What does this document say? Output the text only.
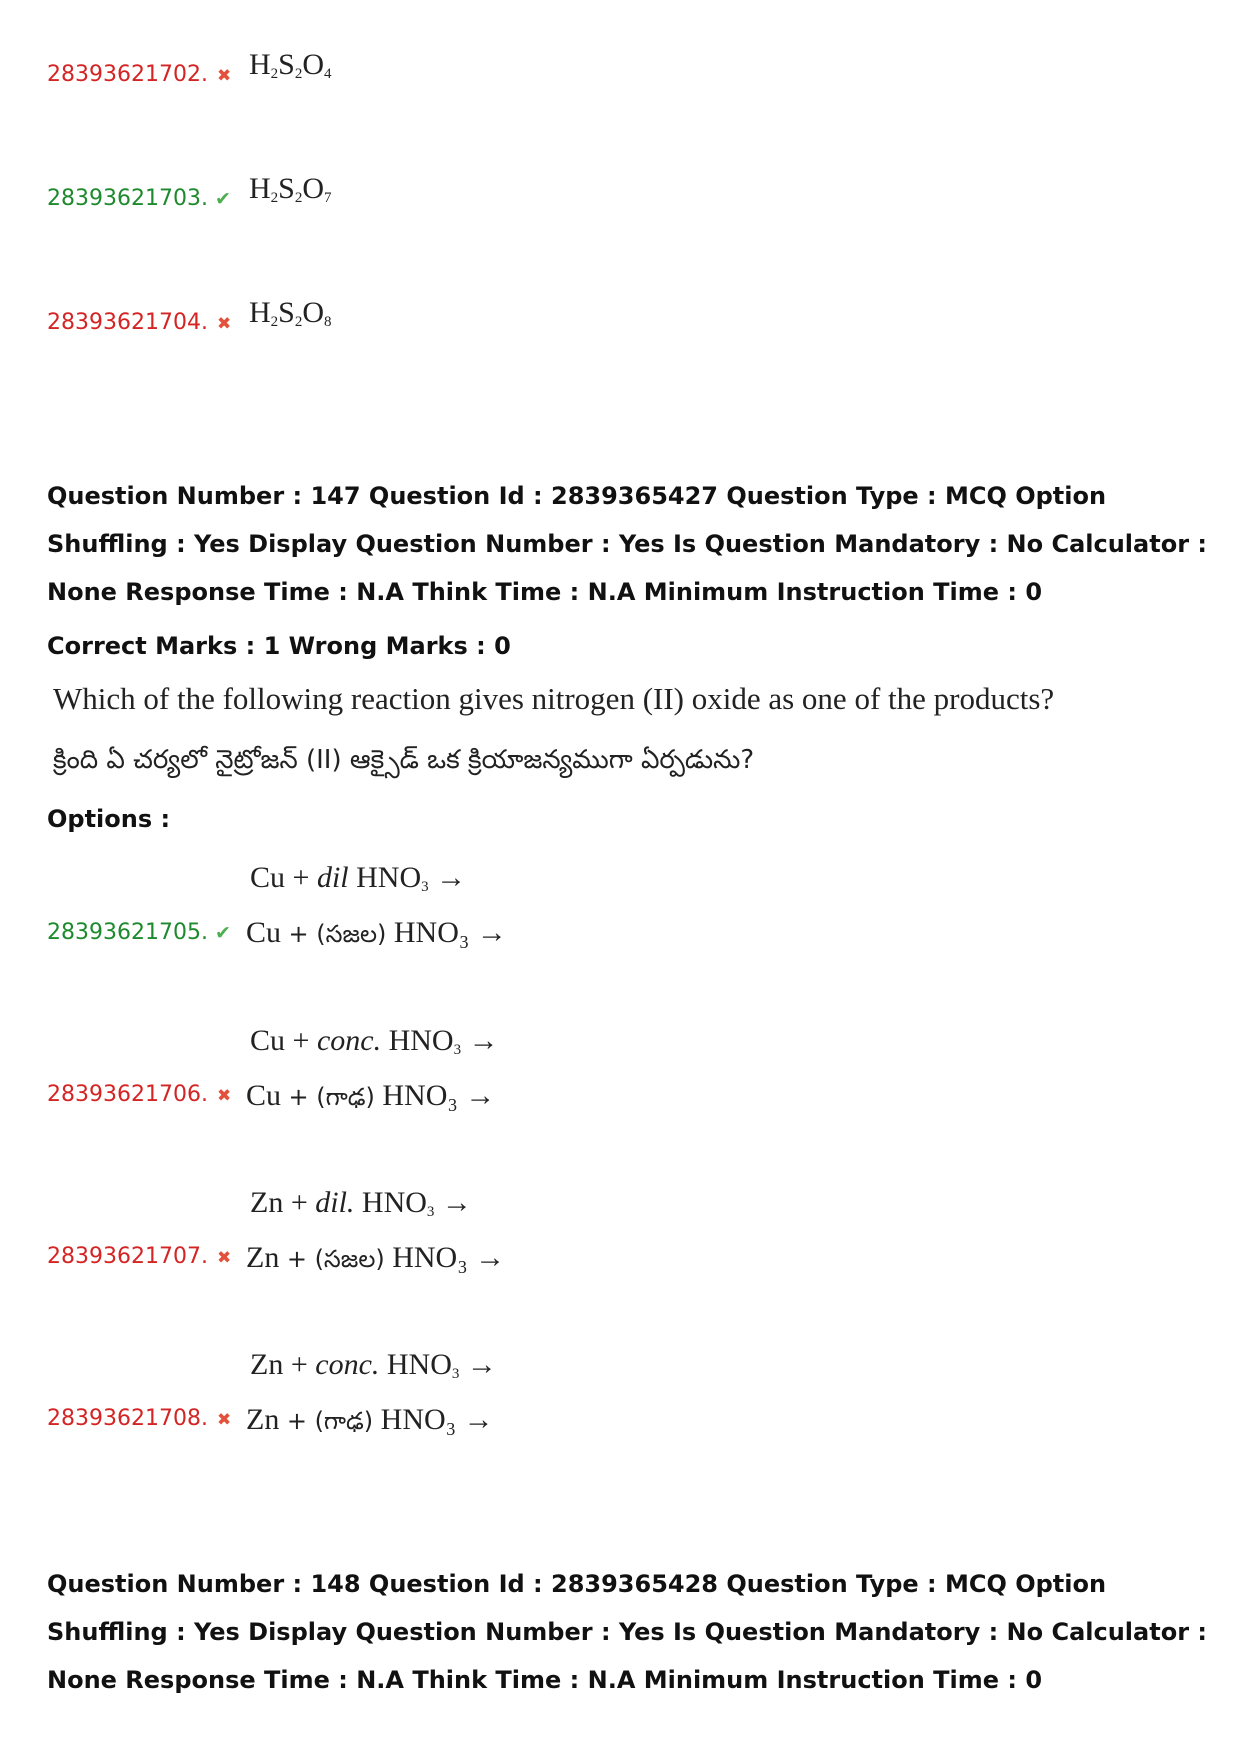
28393621702. ✖ $H_2S_2O_4$
28393621703. ✔ $H_2S_2O_7$
28393621704. ✖ $H_2S_2O_8$
Question Number : 147 Question Id : 2839365427 Question Type : MCQ Option Shuffling : Yes Display Question Number : Yes Is Question Mandatory : No Calculator : None Response Time : N.A Think Time : N.A Minimum Instruction Time : 0
Correct Marks : 1 Wrong Marks : 0
Which of the following reaction gives nitrogen (II) oxide as one of the products?
క్రింది ఏ చర్యలో నైట్రోజన్ (II) ఆక్సైడ్ ఒక క్రియాజన్యముగా ఏర్పడును?
Options :
28393621705. ✔
Cu + dil $HNO_3$ →
Cu + (సజల) HNO₃ →
28393621706. ✖
Cu + conc. $HNO_3$ →
Cu + (గాఢ) HNO₃ →
28393621707. ✖
Zn + dil. $HNO_3$ →
Zn + (సజల) HNO₃ →
28393621708. ✖
Zn + conc. $HNO_3$ →
Zn + (గాఢ) HNO₃ →
Question Number : 148 Question Id : 2839365428 Question Type : MCQ Option Shuffling : Yes Display Question Number : Yes Is Question Mandatory : No Calculator : None Response Time : N.A Think Time : N.A Minimum Instruction Time : 0
